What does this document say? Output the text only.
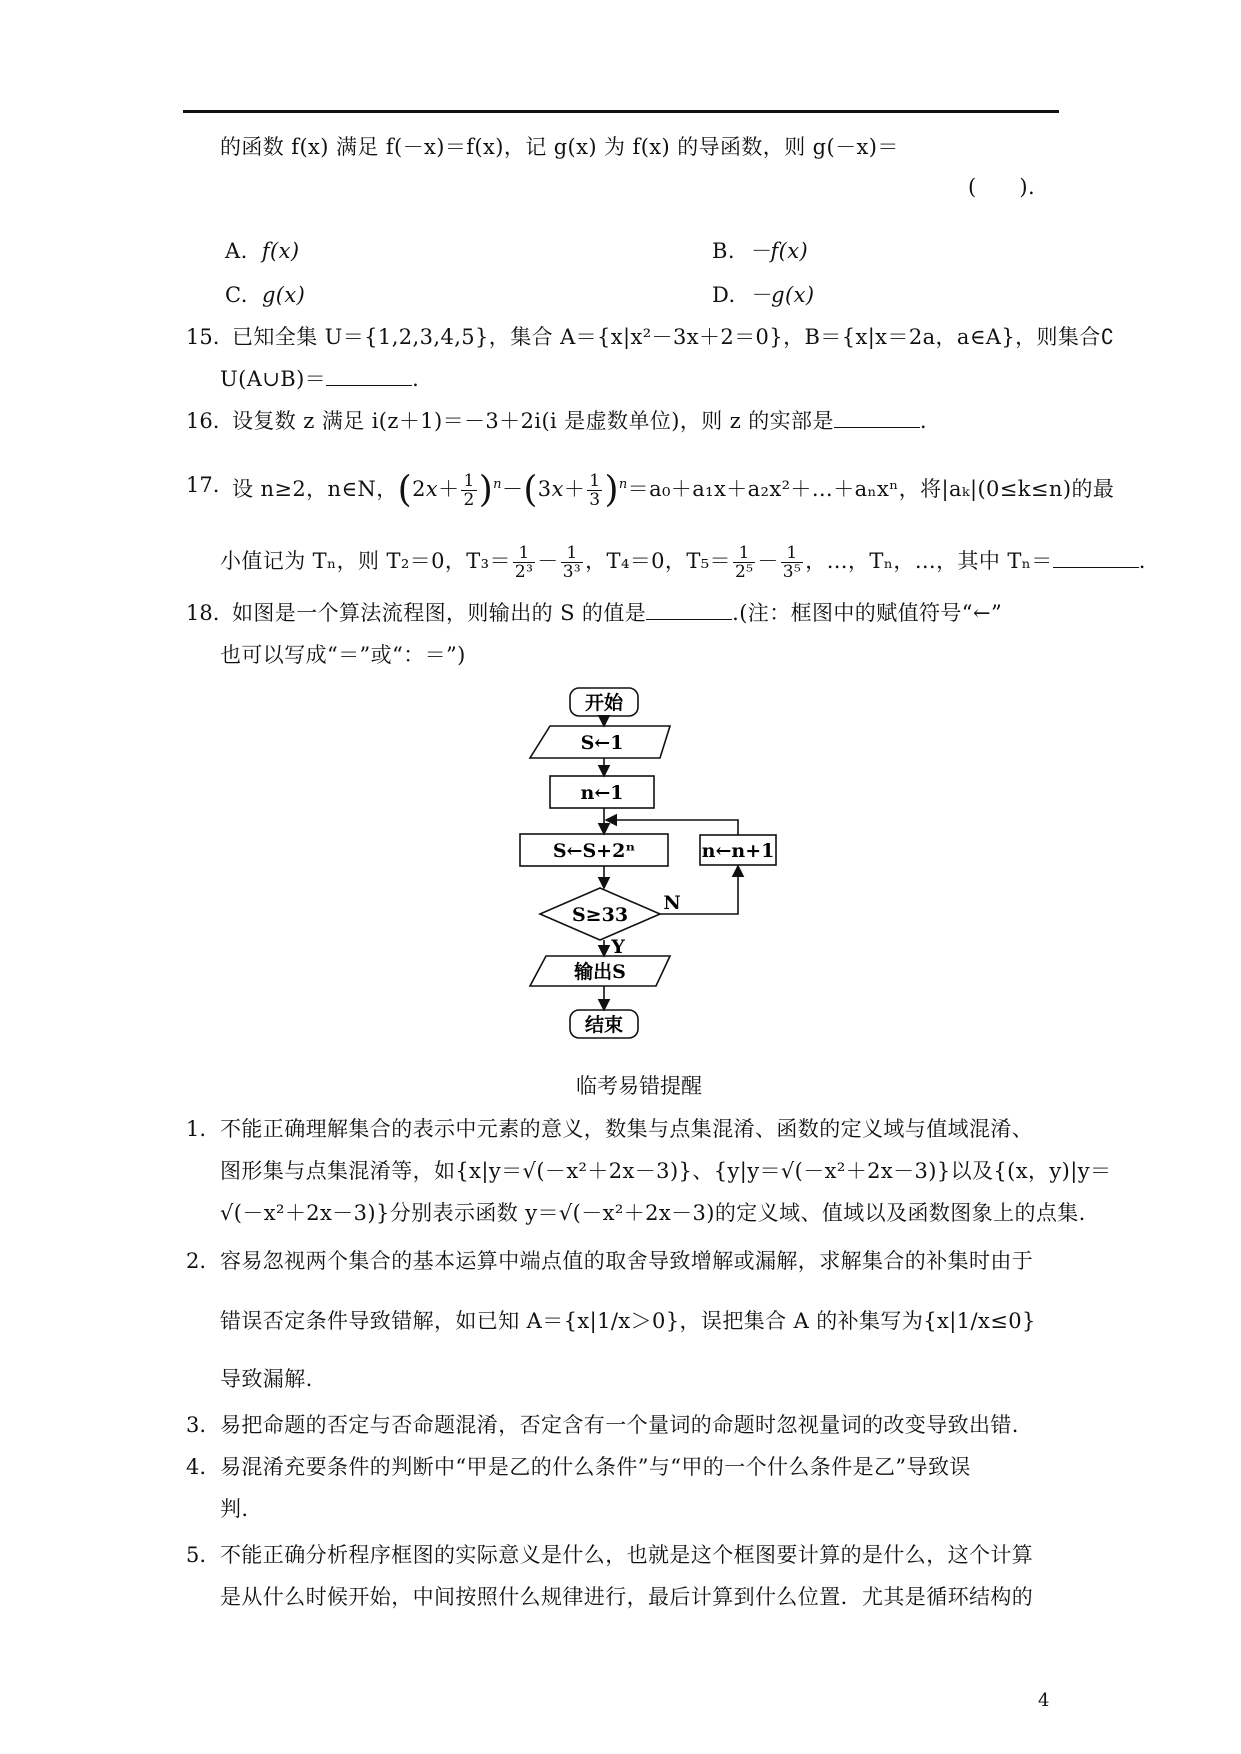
的函数 f(x) 满足 f(－x)＝f(x)，记 g(x) 为 f(x) 的导函数，则 g(－x)＝
(　　).
A. f(x)	B. －f(x)
C. g(x)	D. －g(x)
15. 已知全集 U＝{1,2,3,4,5}，集合 A＝{x|x²－3x＋2＝0}，B＝{x|x＝2a，a∈A}，则集合∁
U(A∪B)＝	.
16. 设复数 z 满足 i(z＋1)＝－3＋2i(i 是虚数单位)，则 z 的实部是	.
17. 设 n≥2，n∈N，$(2x+ \frac{1}{2} )^n-(3x+ \frac{1}{3}$ )$^n=a_0+a_1x+a_2x^2+\dots+a_nx^n$，将|aₖ|(0≤k≤n)的最
小值记为 Tₙ，则 T₂＝0，$T_3= \frac{1}{\text{2³}} - \frac{1}{\text{3³}}$ ，T₄＝0，$T_5= \frac{1}{\text{2⁵}} - \frac{1}{\text{3⁵}}$ ，…，Tₙ，…，其中 Tₙ＝	.
18. 如图是一个算法流程图，则输出的 S 的值是	.(注：框图中的赋值符号“←”
也可以写成“＝”或“：＝”)
开始
S←1
n←1
S←S+2ⁿ	n←n+1
S≥33
N
Y
输出S
结束
临考易错提醒
1. 不能正确理解集合的表示中元素的意义，数集与点集混淆、函数的定义域与值域混淆、
图形集与点集混淆等，如{x|y＝√(－x²＋2x－3)}、{y|y＝√(－x²＋2x－3)}以及{(x，y)|y＝
√(－x²＋2x－3)}分别表示函数 y＝√(－x²＋2x－3)的定义域、值域以及函数图象上的点集.
2. 容易忽视两个集合的基本运算中端点值的取舍导致增解或漏解，求解集合的补集时由于
错误否定条件导致错解，如已知 A＝{x|1/x＞0}，误把集合 A 的补集写为{x|1/x≤0}
导致漏解.
3. 易把命题的否定与否命题混淆，否定含有一个量词的命题时忽视量词的改变导致出错.
4. 易混淆充要条件的判断中“甲是乙的什么条件”与“甲的一个什么条件是乙”导致误
判.
5. 不能正确分析程序框图的实际意义是什么，也就是这个框图要计算的是什么，这个计算
是从什么时候开始，中间按照什么规律进行，最后计算到什么位置．尤其是循环结构的
4
